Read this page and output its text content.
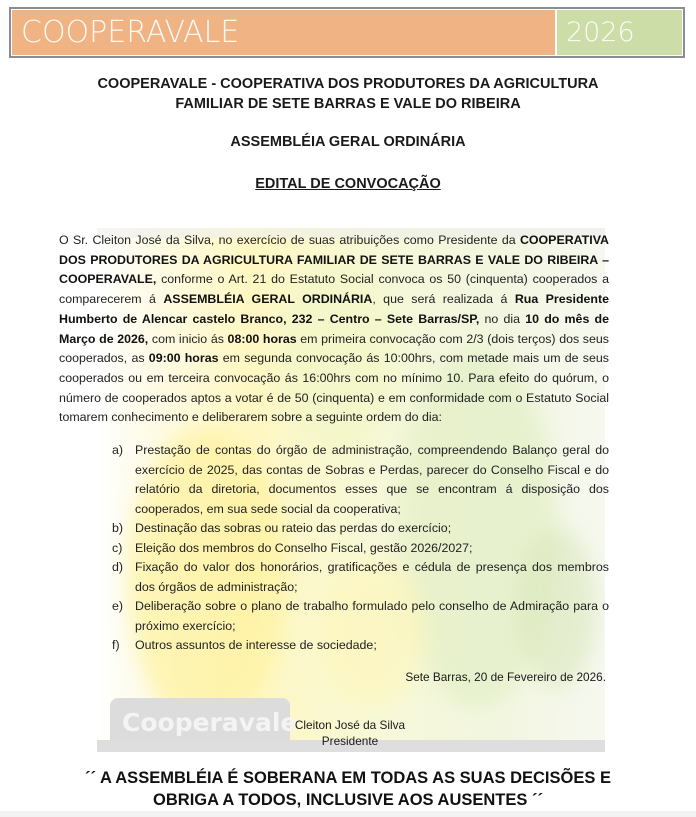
COOPERAVALE	2026
COOPERAVALE - COOPERATIVA DOS PRODUTORES DA AGRICULTURA
FAMILIAR DE SETE BARRAS E VALE DO RIBEIRA
ASSEMBLÉIA GERAL ORDINÁRIA
EDITAL DE CONVOCAÇÃO
Cooperavale
O Sr. Cleiton José da Silva, no exercício de suas atribuições como Presidente da COOPERATIVA DOS PRODUTORES DA AGRICULTURA FAMILIAR DE SETE BARRAS E VALE DO RIBEIRA – COOPERAVALE, conforme o Art. 21 do Estatuto Social convoca os 50 (cinquenta) cooperados a comparecerem á ASSEMBLÉIA GERAL ORDINÁRIA, que será realizada á Rua Presidente Humberto de Alencar castelo Branco, 232 – Centro – Sete Barras/SP, no dia 10 do mês de Março de 2026, com inicio ás 08:00 horas em primeira convocação com 2/3 (dois terços) dos seus cooperados, as 09:00 horas em segunda convocação ás 10:00hrs, com metade mais um de seus cooperados ou em terceira convocação ás 16:00hrs com no mínimo 10. Para efeito do quórum, o número de cooperados aptos a votar é de 50 (cinquenta) e em conformidade com o Estatuto Social tomarem conhecimento e deliberarem sobre a seguinte ordem do dia:
a) Prestação de contas do órgão de administração, compreendendo Balanço geral do exercício de 2025, das contas de Sobras e Perdas, parecer do Conselho Fiscal e do relatório da diretoria, documentos esses que se encontram á disposição dos cooperados, em sua sede social da cooperativa;
b) Destinação das sobras ou rateio das perdas do exercício;
c)	Eleição dos membros do Conselho Fiscal, gestão 2026/2027;
d) Fixação do valor dos honorários, gratificações e cédula de presença dos membros dos órgãos de administração;
e) Deliberação sobre o plano de trabalho formulado pelo conselho de Admiração para o próximo exercício;
f)	Outros assuntos de interesse de sociedade;
Sete Barras, 20 de Fevereiro de 2026.
Cleiton José da Silva
Presidente
´´ A ASSEMBLÉIA É SOBERANA EM TODAS AS SUAS DECISÕES E
OBRIGA A TODOS, INCLUSIVE AOS AUSENTES ´´
